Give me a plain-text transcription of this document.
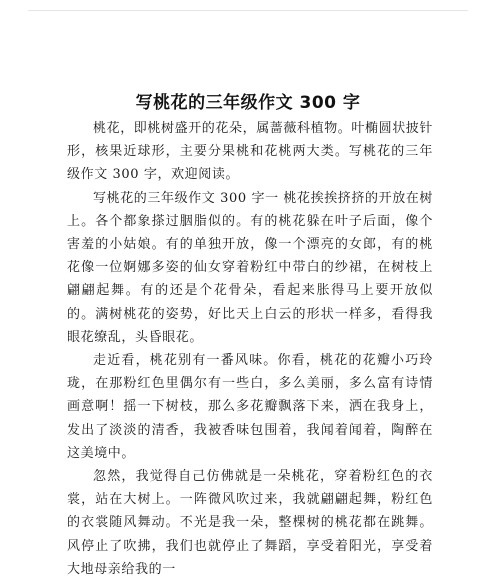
写桃花的三年级作文 300 字

桃花，即桃树盛开的花朵，属蔷薇科植物。叶椭圆状披针形，核果近球形，主要分果桃和花桃两大类。写桃花的三年级作文 300 字，欢迎阅读。

写桃花的三年级作文 300 字一 桃花挨挨挤挤的开放在树上。各个都象搽过胭脂似的。有的桃花躲在叶子后面，像个害羞的小姑娘。有的单独开放，像一个漂亮的女郎，有的桃花像一位婀娜多姿的仙女穿着粉红中带白的纱裙，在树枝上翩翩起舞。有的还是个花骨朵，看起来胀得马上要开放似的。满树桃花的姿势，好比天上白云的形状一样多，看得我眼花缭乱，头昏眼花。

走近看，桃花别有一番风味。你看，桃花的花瓣小巧玲珑，在那粉红色里偶尔有一些白，多么美丽，多么富有诗情画意啊！摇一下树枝，那么多花瓣飘落下来，洒在我身上，发出了淡淡的清香，我被香味包围着，我闻着闻着，陶醉在这美境中。

忽然，我觉得自己仿佛就是一朵桃花，穿着粉红色的衣裳，站在大树上。一阵微风吹过来，我就翩翩起舞，粉红色的衣裳随风舞动。不光是我一朵，整棵树的桃花都在跳舞。风停止了吹拂，我们也就停止了舞蹈，享受着阳光，享受着大地母亲给我的一
